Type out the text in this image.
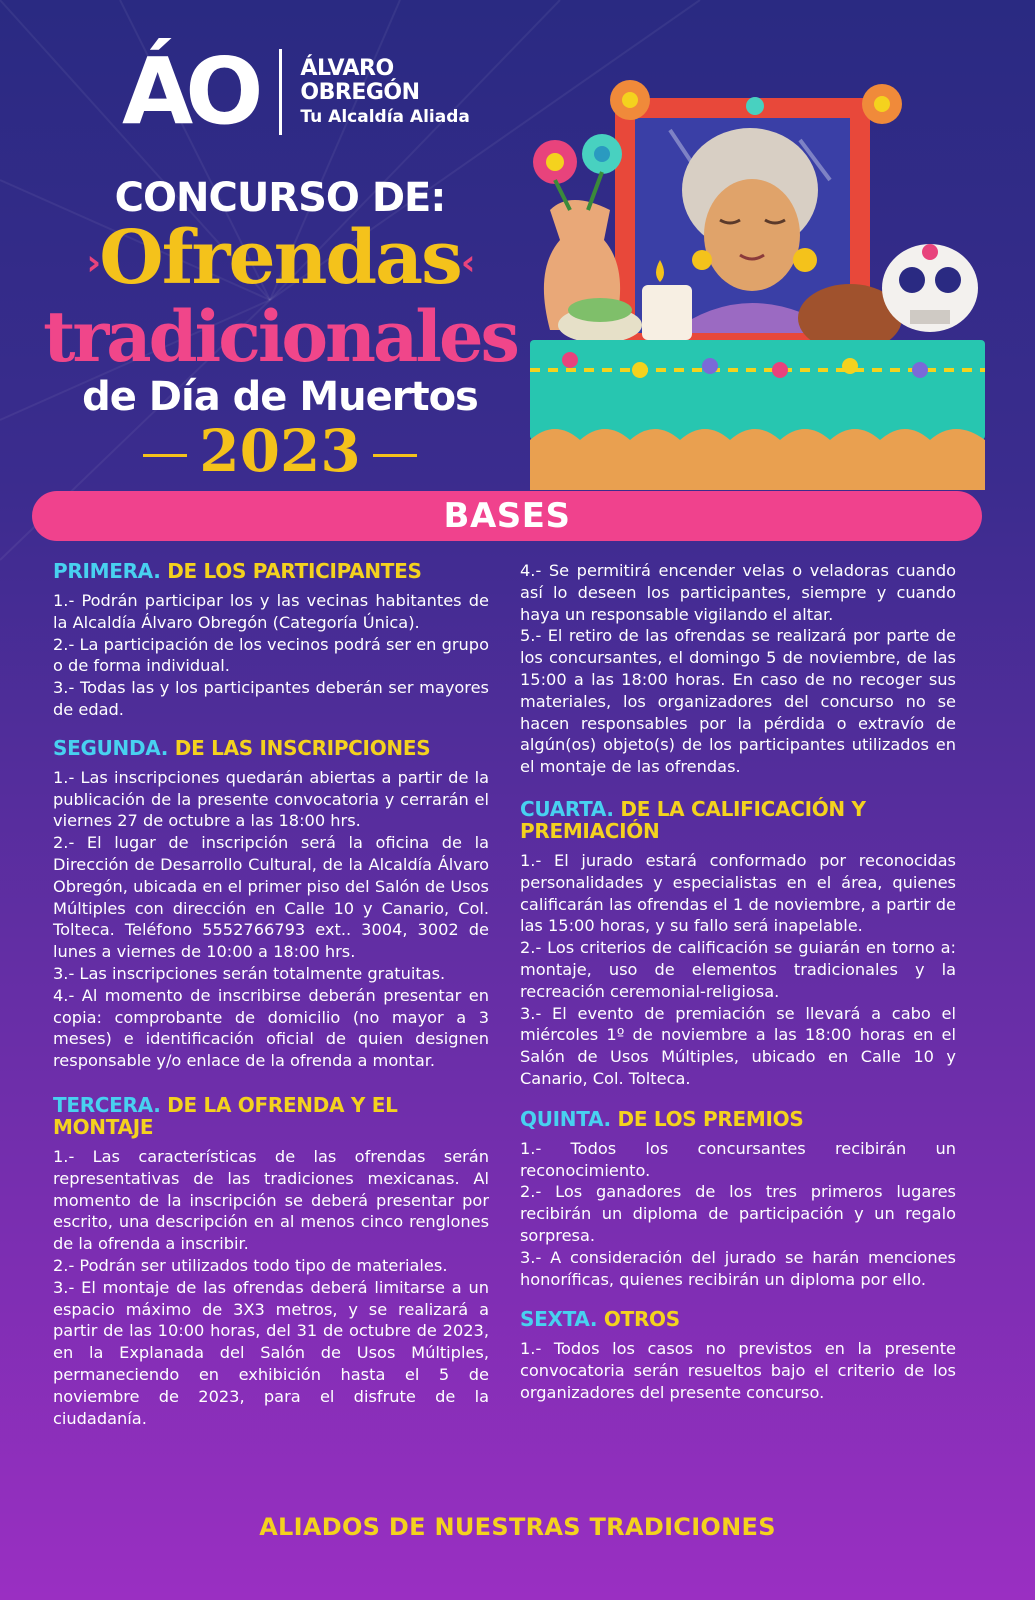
ÁO ÁLVARO
OBREGÓN
Tu Alcaldía Aliada
CONCURSO DE:
›Ofrendas‹
tradicionales
de Día de Muertos
2023
BASES
PRIMERA. DE LOS PARTICIPANTES
1.- Podrán participar los y las vecinas habitantes de la Alcaldía Álvaro Obregón (Categoría Única).
2.- La participación de los vecinos podrá ser en grupo o de forma individual.
3.- Todas las y los participantes deberán ser mayores de edad.
SEGUNDA. DE LAS INSCRIPCIONES
1.- Las inscripciones quedarán abiertas a partir de la publicación de la presente convocatoria y cerrarán el viernes 27 de octubre a las 18:00 hrs.
2.- El lugar de inscripción será la oficina de la Dirección de Desarrollo Cultural, de la Alcaldía Álvaro Obregón, ubicada en el primer piso del Salón de Usos Múltiples con dirección en Calle 10 y Canario, Col. Tolteca. Teléfono 5552766793 ext.. 3004, 3002 de lunes a viernes de 10:00 a 18:00 hrs.
3.- Las inscripciones serán totalmente gratuitas.
4.- Al momento de inscribirse deberán presentar en copia: comprobante de domicilio (no mayor a 3 meses) e identificación oficial de quien designen responsable y/o enlace de la ofrenda a montar.
TERCERA. DE LA OFRENDA Y EL MONTAJE
1.- Las características de las ofrendas serán representativas de las tradiciones mexicanas. Al momento de la inscripción se deberá presentar por escrito, una descripción en al menos cinco renglones de la ofrenda a inscribir.
2.- Podrán ser utilizados todo tipo de materiales.
3.- El montaje de las ofrendas deberá limitarse a un espacio máximo de 3X3 metros, y se realizará a partir de las 10:00 horas, del 31 de octubre de 2023, en la Explanada del Salón de Usos Múltiples, permaneciendo en exhibición hasta el 5 de noviembre de 2023, para el disfrute de la ciudadanía.
4.- Se permitirá encender velas o veladoras cuando así lo deseen los participantes, siempre y cuando haya un responsable vigilando el altar.
5.- El retiro de las ofrendas se realizará por parte de los concursantes, el domingo 5 de noviembre, de las 15:00 a las 18:00 horas. En caso de no recoger sus materiales, los organizadores del concurso no se hacen responsables por la pérdida o extravío de algún(os) objeto(s) de los participantes utilizados en el montaje de las ofrendas.
CUARTA. DE LA CALIFICACIÓN Y PREMIACIÓN
1.- El jurado estará conformado por reconocidas personalidades y especialistas en el área, quienes calificarán las ofrendas el 1 de noviembre, a partir de las 15:00 horas, y su fallo será inapelable.
2.- Los criterios de calificación se guiarán en torno a: montaje, uso de elementos tradicionales y la recreación ceremonial-religiosa.
3.- El evento de premiación se llevará a cabo el miércoles 1º de noviembre a las 18:00 horas en el Salón de Usos Múltiples, ubicado en Calle 10 y Canario, Col. Tolteca.
QUINTA. DE LOS PREMIOS
1.- Todos los concursantes recibirán un reconocimiento.
2.- Los ganadores de los tres primeros lugares recibirán un diploma de participación y un regalo sorpresa.
3.- A consideración del jurado se harán menciones honoríficas, quienes recibirán un diploma por ello.
SEXTA. OTROS
1.- Todos los casos no previstos en la presente convocatoria serán resueltos bajo el criterio de los organizadores del presente concurso.
ALIADOS DE NUESTRAS TRADICIONES
